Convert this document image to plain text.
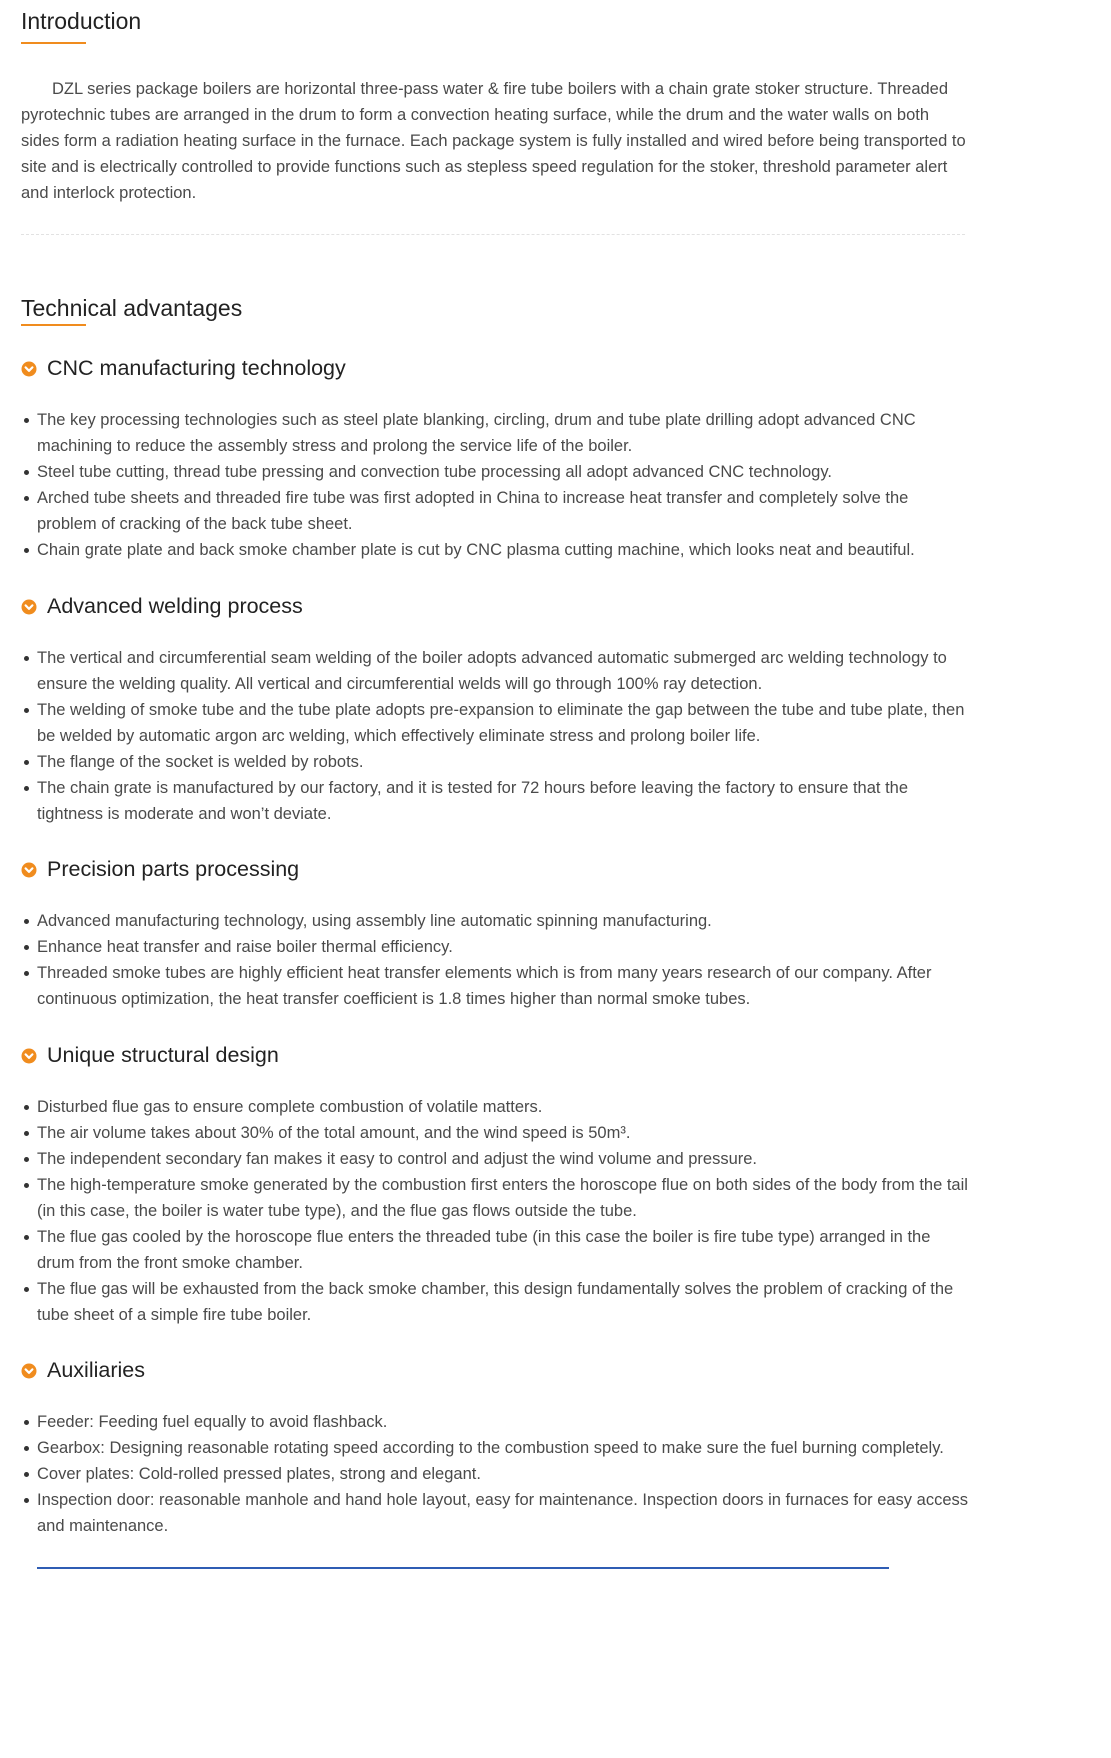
Introduction

DZL series package boilers are horizontal three-pass water & fire tube boilers with a chain grate stoker structure. Threaded pyrotechnic tubes are arranged in the drum to form a convection heating surface, while the drum and the water walls on both sides form a radiation heating surface in the furnace. Each package system is fully installed and wired before being transported to site and is electrically controlled to provide functions such as stepless speed regulation for the stoker, threshold parameter alert and interlock protection.

Technical advantages
CNC manufacturing technology
The key processing technologies such as steel plate blanking, circling, drum and tube plate drilling adopt advanced CNC machining to reduce the assembly stress and prolong the service life of the boiler.
Steel tube cutting, thread tube pressing and convection tube processing all adopt advanced CNC technology.
Arched tube sheets and threaded fire tube was first adopted in China to increase heat transfer and completely solve the problem of cracking of the back tube sheet.
Chain grate plate and back smoke chamber plate is cut by CNC plasma cutting machine, which looks neat and beautiful.
Advanced welding process
The vertical and circumferential seam welding of the boiler adopts advanced automatic submerged arc welding technology to ensure the welding quality. All vertical and circumferential welds will go through 100% ray detection.
The welding of smoke tube and the tube plate adopts pre-expansion to eliminate the gap between the tube and tube plate, then be welded by automatic argon arc welding, which effectively eliminate stress and prolong boiler life.
The flange of the socket is welded by robots.
The chain grate is manufactured by our factory, and it is tested for 72 hours before leaving the factory to ensure that the tightness is moderate and won’t deviate.
Precision parts processing
Advanced manufacturing technology, using assembly line automatic spinning manufacturing.
Enhance heat transfer and raise boiler thermal efficiency.
Threaded smoke tubes are highly efficient heat transfer elements which is from many years research of our company. After continuous optimization, the heat transfer coefficient is 1.8 times higher than normal smoke tubes.
Unique structural design
Disturbed flue gas to ensure complete combustion of volatile matters.
The air volume takes about 30% of the total amount, and the wind speed is 50m³.
The independent secondary fan makes it easy to control and adjust the wind volume and pressure.
The high-temperature smoke generated by the combustion first enters the horoscope flue on both sides of the body from the tail (in this case, the boiler is water tube type), and the flue gas flows outside the tube.
The flue gas cooled by the horoscope flue enters the threaded tube (in this case the boiler is fire tube type) arranged in the drum from the front smoke chamber.
The flue gas will be exhausted from the back smoke chamber, this design fundamentally solves the problem of cracking of the tube sheet of a simple fire tube boiler.
Auxiliaries
Feeder: Feeding fuel equally to avoid flashback.
Gearbox: Designing reasonable rotating speed according to the combustion speed to make sure the fuel burning completely.
Cover plates: Cold-rolled pressed plates, strong and elegant.
Inspection door: reasonable manhole and hand hole layout, easy for maintenance. Inspection doors in furnaces for easy access and maintenance.
